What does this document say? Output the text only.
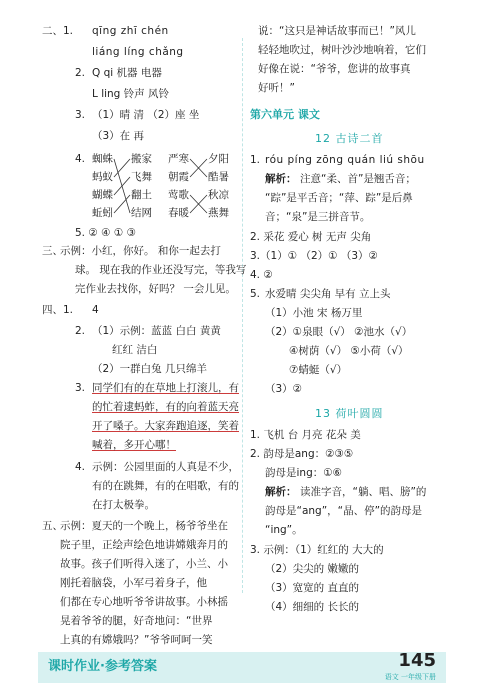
二、1. qīng zhī chén
liáng líng chǎng
2. Q qi 机器 电器
L ling 铃声 风铃
3. （1）晴 清 （2）座 坐
（3）在 再
4. 蜘蛛
蚂蚁
蝴蝶
蚯蚓
搬家
飞舞
翻土
结网
严寒
朝霞
莺歌
春暖
夕阳
酷暑
秋凉
燕舞
5. ② ④ ① ③
三、
示例：小红，你好。 和你一起去打
球。 现在我的作业还没写完，等我写
完作业去找你，好吗？ 一会儿见。
四、1. 4
2. （1）示例：蓝蓝 白白 黄黄
红红 洁白
（2）一群白兔 几只绵羊
3. 同学们有的在草地上打滚儿，有
的忙着逮蚂蚱，有的向着蓝天亮
开了嗓子。大家奔跑追逐，笑着
喊着，多开心哪！
4. 示例：公园里面的人真是不少，
有的在跳舞，有的在唱歌，有的
在打太极拳。
五、
示例：夏天的一个晚上，杨爷爷坐在
院子里，正绘声绘色地讲嫦娥奔月的
故事。孩子们听得入迷了，小兰、小
刚托着脑袋，小军弓着身子，他
们都在专心地听爷爷讲故事。小林摇
晃着爷爷的腿，好奇地问：“世界
上真的有嫦娥吗？”爷爷呵呵一笑
课时作业·参考答案	145
语文 一年级下册
说：“这只是神话故事而已！”风儿
轻轻地吹过，树叶沙沙地响着，它们
好像在说：“爷爷，您讲的故事真
好听！”
第六单元 课文
12 古诗二首
1. róu píng zōng quán liú shōu
解析： 注意“柔、首”是翘舌音；
“踪”是平舌音；“萍、踪”是后鼻
音；“泉”是三拼音节。
2. 采花 爱心 树 无声 尖角
3.（1）① （2）① （3）②
4. ②
5. 水爱晴 尖尖角 早有 立上头
（1）小池 宋 杨万里
（2）①泉眼（√） ②池水（√）
④树荫（√） ⑤小荷（√）
⑦蜻蜓（√）
（3）②
13 荷叶圆圆
1. 飞机 台 月亮 花朵 美
2. 韵母是ang：②③⑤
韵母是ing：①⑥
解析： 读准字音，“躺、唱、膀”的
韵母是“ang”，“晶、停”的韵母是
“ing”。
3. 示例：（1）红红的 大大的
（2）尖尖的 嫩嫩的
（3）宽宽的 直直的
（4）细细的 长长的
